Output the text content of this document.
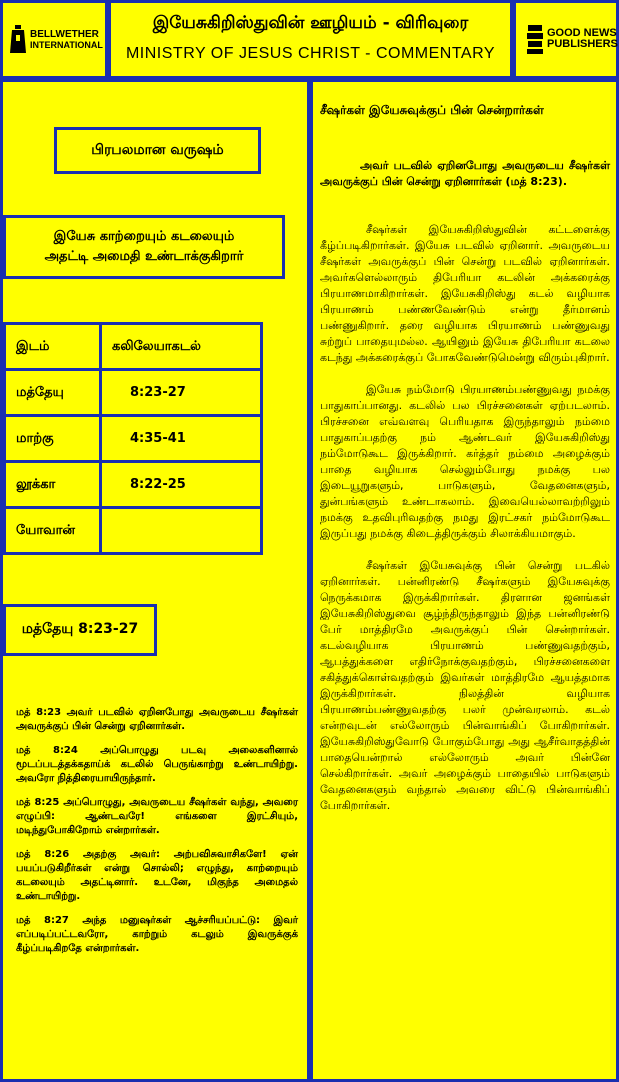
BELLWETHER
INTERNATIONAL
இயேசுகிறிஸ்துவின் ஊழியம் - விரிவுரை
MINISTRY OF JESUS CHRIST - COMMENTARY
GOOD NEWS
PUBLISHERS
பிரபலமான வருஷம்
இயேசு காற்றையும் கடலையும்
அதட்டி அமைதி உண்டாக்குகிறார்
இடம்	கலிலேயாகடல்
மத்தேயு	8:23-27
மாற்கு	4:35-41
லூக்கா	8:22-25
யோவான்	
மத்தேயு 8:23-27

மத் 8:23 அவர் படவில் ஏறினபோது அவருடைய சீஷர்கள் அவருக்குப் பின் சென்று ஏறினார்கள்.

மத் 8:24 அப்பொழுது படவு அலைகளினால் மூடப்படத்தக்கதாய்க் கடலில் பெருங்காற்று உண்டாயிற்று. அவரோ நித்திரையாயிருந்தார்.

மத் 8:25 அப்பொழுது, அவருடைய சீஷர்கள் வந்து, அவரை எழுப்பி: ஆண்டவரே! எங்களை இரட்சியும், மடிந்துபோகிறோம் என்றார்கள்.

மத் 8:26 அதற்கு அவர்: அற்பவிசுவாசிகளே! ஏன் பயப்படுகிறீர்கள் என்று சொல்லி; எழுந்து, காற்றையும் கடலையும் அதட்டினார். உடனே, மிகுந்த அமைதல் உண்டாயிற்று.

மத் 8:27 அந்த மனுஷர்கள் ஆச்சரியப்பட்டு: இவர் எப்படிப்பட்டவரோ, காற்றும் கடலும் இவருக்குக் கீழ்ப்படிகிறதே என்றார்கள்.

சீஷர்கள் இயேசுவுக்குப் பின் சென்றார்கள்

அவர் படவில் ஏறினபோது அவருடைய சீஷர்கள் அவருக்குப் பின் சென்று ஏறினார்கள் (மத் 8:23).

சீஷர்கள் இயேசுகிறிஸ்துவின் கட்டளைக்கு கீழ்ப்படிகிறார்கள். இயேசு படவில் ஏறினார். அவருடைய சீஷர்கள் அவருக்குப் பின் சென்று படவில் ஏறினார்கள். அவர்களெல்லாரும் திபேரியா கடலின் அக்கரைக்கு பிரயாணமாகிறார்கள். இயேசுகிறிஸ்து கடல் வழியாக பிரயாணம் பண்ணவேண்டும் என்று தீர்மானம் பண்ணுகிறார். தரை வழியாக பிரயாணம் பண்ணுவது சுற்றுப் பாதையுமல்ல. ஆயினும் இயேசு திபேரியா கடலை கடந்து அக்கரைக்குப் போகவேண்டுமென்று விரும்புகிறார்.

இயேசு நம்மோடு பிரயாணம்பண்ணுவது நமக்கு பாதுகாப்பானது. கடலில் பல பிரச்சனைகள் ஏற்படலாம். பிரச்சனை எவ்வளவு பெரியதாக இருந்தாலும் நம்மை பாதுகாப்பதற்கு நம் ஆண்டவர் இயேசுகிறிஸ்து நம்மோடுகூட இருக்கிறார். கர்த்தர் நம்மை அழைக்கும் பாதை வழியாக செல்லும்போது நமக்கு பல இடையூறுகளும், பாடுகளும், வேதனைகளும், துன்பங்களும் உண்டாகலாம். இவையெல்லாவற்றிலும் நமக்கு உதவிபுரிவதற்கு நமது இரட்சகர் நம்மோடுகூட இருப்பது நமக்கு கிடைத்திருக்கும் சிலாக்கியமாகும்.

சீஷர்கள் இயேசுவுக்கு பின் சென்று படகில் ஏறினார்கள். பன்னிரண்டு சீஷர்களும் இயேசுவுக்கு நெருக்கமாக இருக்கிறார்கள். திரளான ஜனங்கள் இயேசுகிறிஸ்துவை சூழ்ந்திருந்தாலும் இந்த பன்னிரண்டு பேர் மாத்திரமே அவருக்குப் பின் சென்றார்கள். கடல்வழியாக பிரயாணம் பண்ணுவதற்கும், ஆபத்துக்களை எதிர்நோக்குவதற்கும், பிரச்சனைகளை சகித்துக்கொள்வதற்கும் இவர்கள் மாத்திரமே ஆயத்தமாக இருக்கிறார்கள். நிலத்தின் வழியாக பிரயாணம்பண்ணுவதற்கு பலர் முன்வரலாம். கடல் என்றவுடன் எல்லோரும் பின்வாங்கிப் போகிறார்கள். இயேசுகிறிஸ்துவோடு போகும்போது அது ஆசீர்வாதத்தின் பாதையென்றால் எல்லோரும் அவர் பின்னே செல்கிறார்கள். அவர் அழைக்கும் பாதையில் பாடுகளும் வேதனைகளும் வந்தால் அவரை விட்டு பின்வாங்கிப் போகிறார்கள்.
